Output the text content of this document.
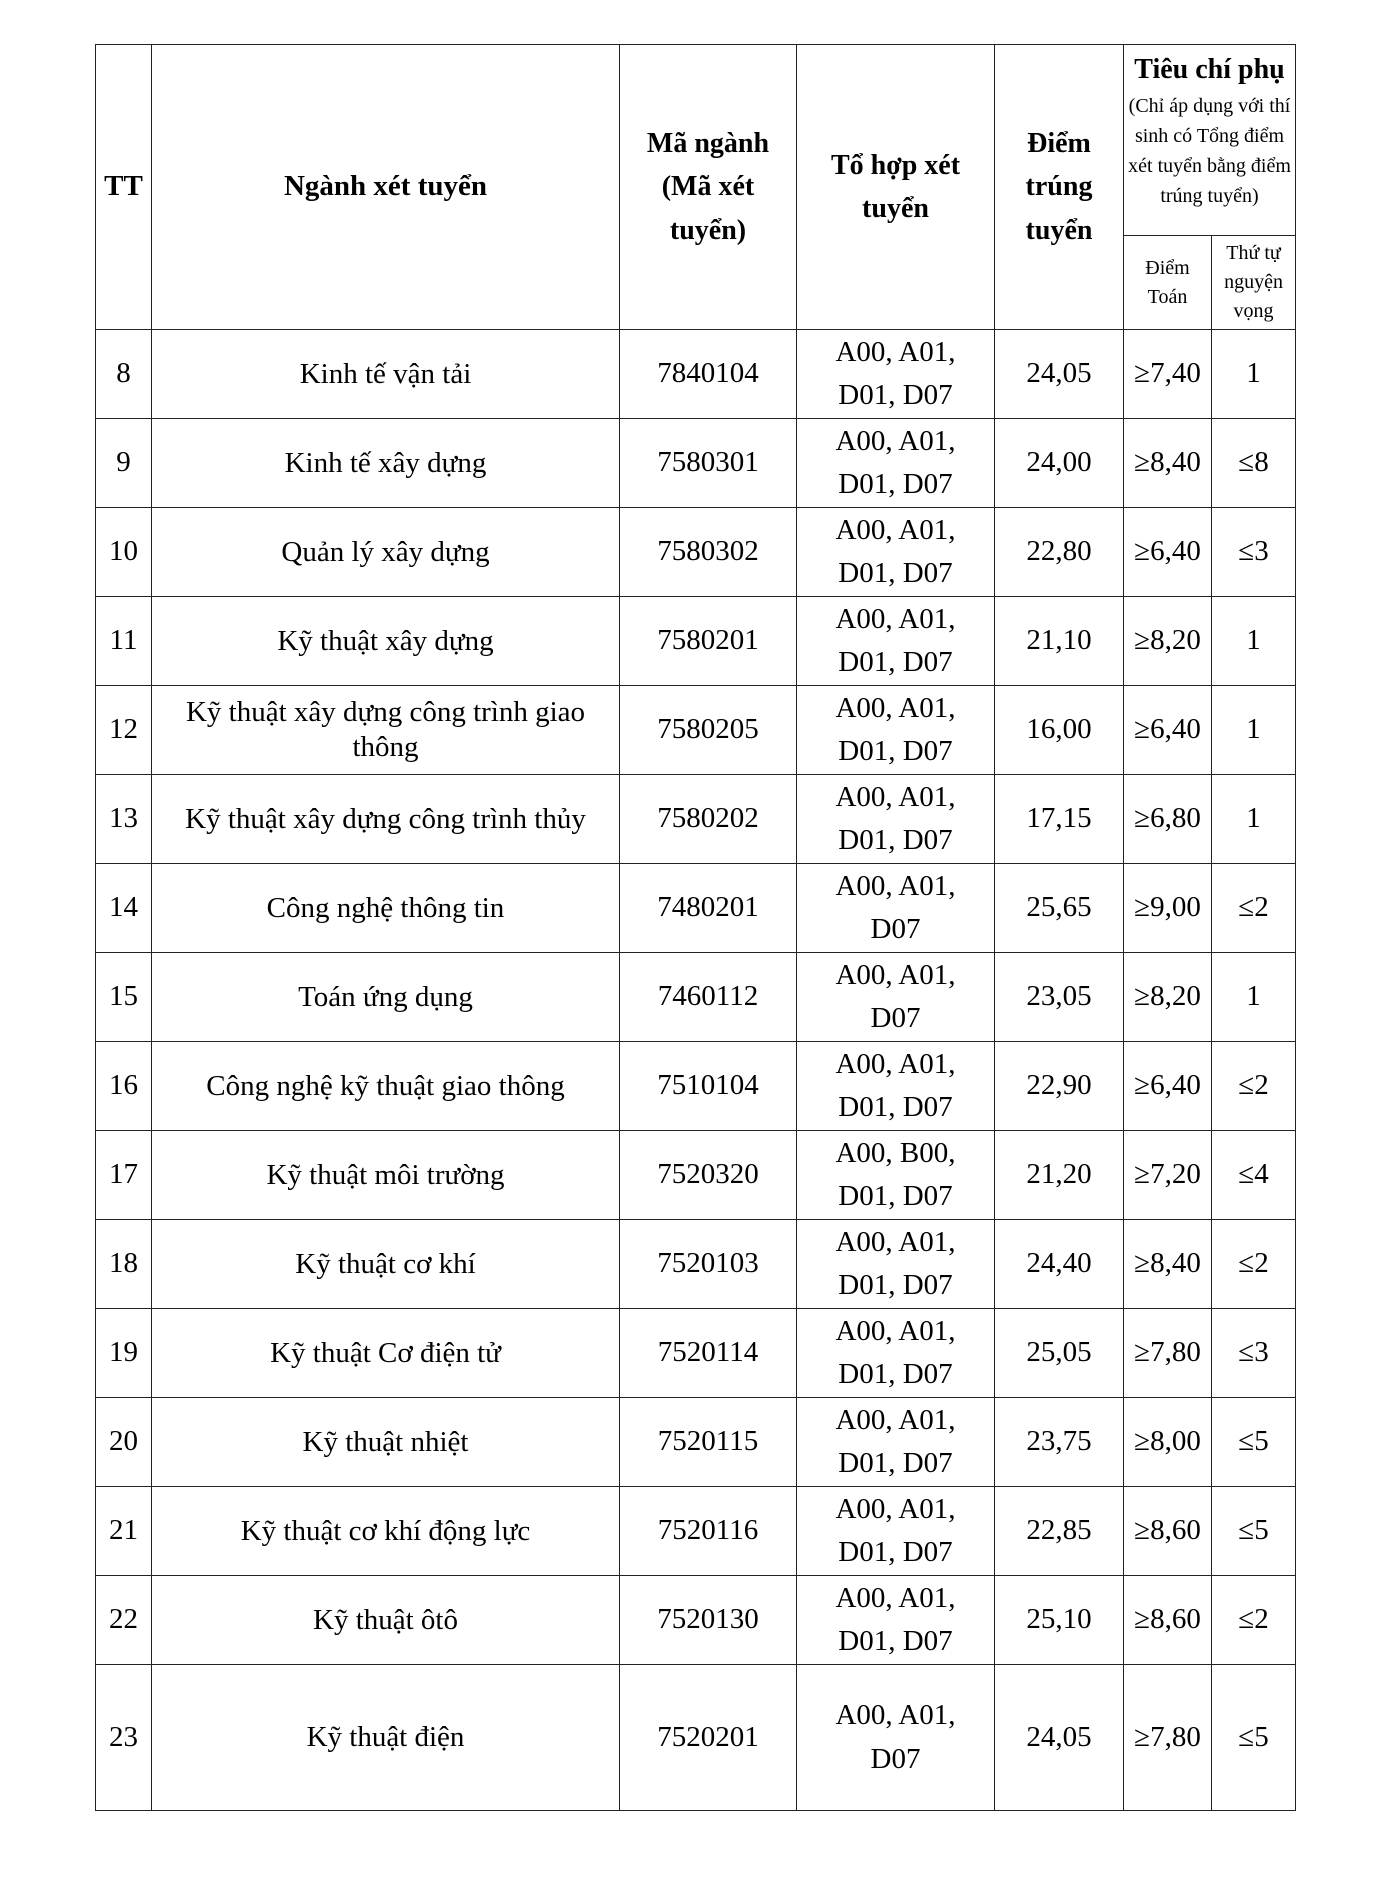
TT	Ngành xét tuyển	Mã ngành (Mã xét tuyển)	Tổ hợp xét tuyển	Điểm trúng tuyển	Tiêu chí phụ
(Chỉ áp dụng với thí sinh có Tổng điểm xét tuyển bằng điểm trúng tuyển)	

					Điểm Toán	Thứ tự nguyện vọng
8	Kinh tế vận tải	7840104	A00, A01, D01, D07	24,05	≥7,40	1
9	Kinh tế xây dựng	7580301	A00, A01, D01, D07	24,00	≥8,40	≤8
10	Quản lý xây dựng	7580302	A00, A01, D01, D07	22,80	≥6,40	≤3
11	Kỹ thuật xây dựng	7580201	A00, A01, D01, D07	21,10	≥8,20	1
12	Kỹ thuật xây dựng công trình giao thông	7580205	A00, A01, D01, D07	16,00	≥6,40	1
13	Kỹ thuật xây dựng công trình thủy	7580202	A00, A01, D01, D07	17,15	≥6,80	1
14	Công nghệ thông tin	7480201	A00, A01, D07	25,65	≥9,00	≤2
15	Toán ứng dụng	7460112	A00, A01, D07	23,05	≥8,20	1
16	Công nghệ kỹ thuật giao thông	7510104	A00, A01, D01, D07	22,90	≥6,40	≤2
17	Kỹ thuật môi trường	7520320	A00, B00, D01, D07	21,20	≥7,20	≤4
18	Kỹ thuật cơ khí	7520103	A00, A01, D01, D07	24,40	≥8,40	≤2
19	Kỹ thuật Cơ điện tử	7520114	A00, A01, D01, D07	25,05	≥7,80	≤3
20	Kỹ thuật nhiệt	7520115	A00, A01, D01, D07	23,75	≥8,00	≤5
21	Kỹ thuật cơ khí động lực	7520116	A00, A01, D01, D07	22,85	≥8,60	≤5
22	Kỹ thuật ôtô	7520130	A00, A01, D01, D07	25,10	≥8,60	≤2
23	Kỹ thuật điện	7520201	A00, A01, D07	24,05	≥7,80	≤5
